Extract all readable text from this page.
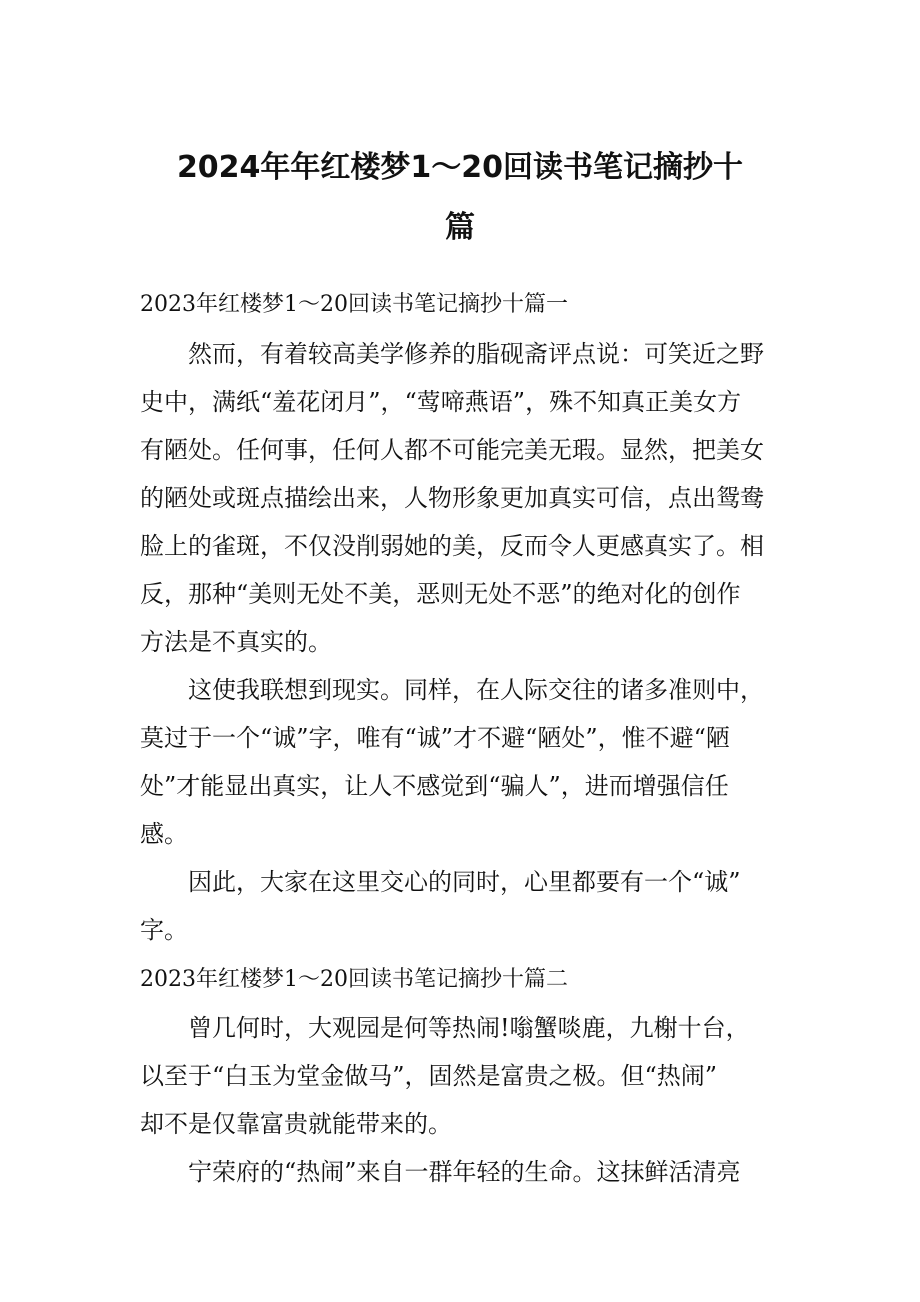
2024年年红楼梦1～20回读书笔记摘抄十
篇
2023年红楼梦1～20回读书笔记摘抄十篇一
然而，有着较高美学修养的脂砚斋评点说：可笑近之野
史中，满纸“羞花闭月”，“莺啼燕语”，殊不知真正美女方
有陋处。任何事，任何人都不可能完美无瑕。显然，把美女
的陋处或斑点描绘出来，人物形象更加真实可信，点出鸳鸯
脸上的雀斑，不仅没削弱她的美，反而令人更感真实了。相
反，那种“美则无处不美，恶则无处不恶”的绝对化的创作
方法是不真实的。
这使我联想到现实。同样，在人际交往的诸多准则中，
莫过于一个“诚”字，唯有“诚”才不避“陋处”，惟不避“陋
处”才能显出真实，让人不感觉到“骗人”，进而增强信任
感。
因此，大家在这里交心的同时，心里都要有一个“诚”
字。
2023年红楼梦1～20回读书笔记摘抄十篇二
曾几何时，大观园是何等热闹!嗡蟹啖鹿，九榭十台，
以至于“白玉为堂金做马”，固然是富贵之极。但“热闹”
却不是仅靠富贵就能带来的。
宁荣府的“热闹”来自一群年轻的生命。这抹鲜活清亮
